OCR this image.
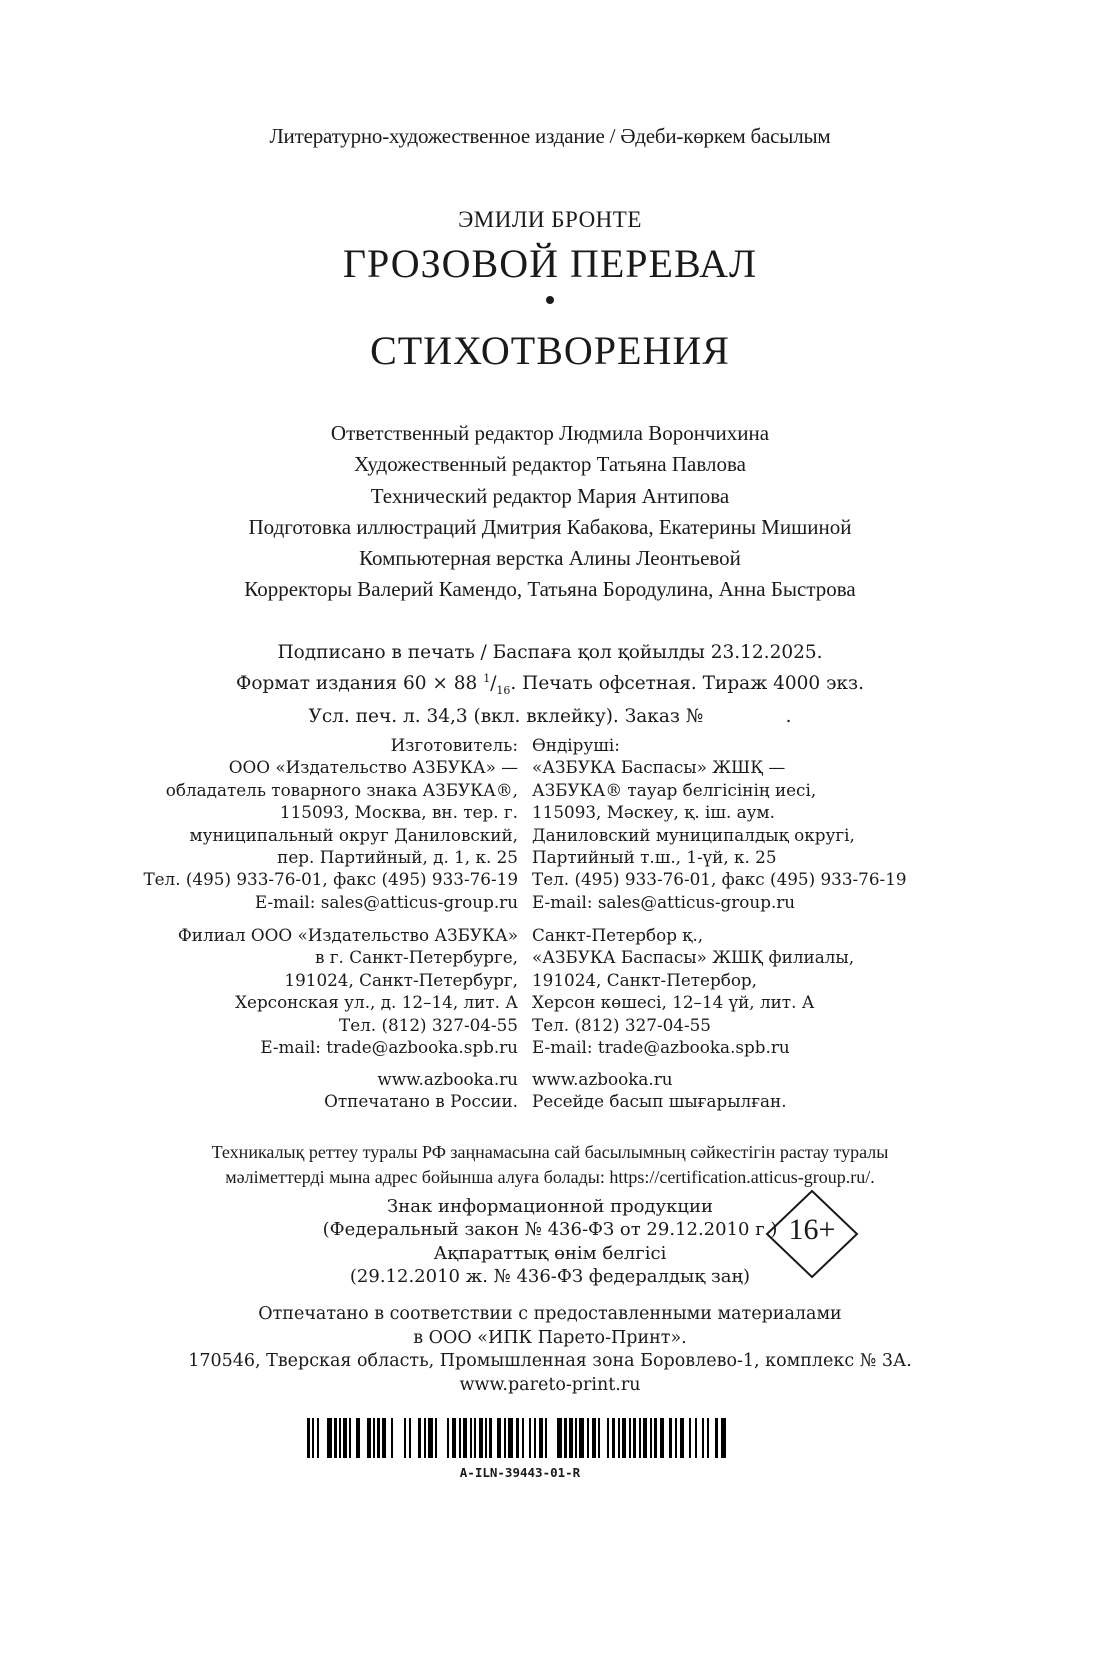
Литературно-художественное издание / Әдеби-көркем басылым
ЭМИЛИ БРОНТЕ
ГРОЗОВОЙ ПЕРЕВАЛ
СТИХОТВОРЕНИЯ
Ответственный редактор Людмила Ворончихина
Художественный редактор Татьяна Павлова
Технический редактор Мария Антипова
Подготовка иллюстраций Дмитрия Кабакова, Екатерины Мишиной
Компьютерная верстка Алины Леонтьевой
Корректоры Валерий Камендо, Татьяна Бородулина, Анна Быстрова
Подписано в печать / Баспаға қол қойылды 23.12.2025.
Формат издания 60 × 88 $^1/_{16}$. Печать офсетная. Тираж 4000 экз.
Усл. печ. л. 34,3 (вкл. вклейку). Заказ №              .
Изготовитель:
ООО «Издательство АЗБУКА» —
обладатель товарного знака АЗБУКА®,
115093, Москва, вн. тер. г.
муниципальный округ Даниловский,
пер. Партийный, д. 1, к. 25
Тел. (495) 933-76-01, факс (495) 933-76-19
E-mail: sales@atticus-group.ru
Өндіруші:
«АЗБУКА Баспасы» ЖШҚ —
АЗБУКА® тауар белгісінің иесі,
115093, Мәскеу, қ. іш. аум.
Даниловский муниципалдық округі,
Партийный т.ш., 1-үй, к. 25
Тел. (495) 933-76-01, факс (495) 933-76-19
E-mail: sales@atticus-group.ru
Филиал ООО «Издательство АЗБУКА»
в г. Санкт-Петербурге,
191024, Санкт-Петербург,
Херсонская ул., д. 12–14, лит. А
Тел. (812) 327-04-55
E-mail: trade@azbooka.spb.ru
Санкт-Петербор қ.,
«АЗБУКА Баспасы» ЖШҚ филиалы,
191024, Санкт-Петербор,
Херсон көшесі, 12–14 үй, лит. А
Тел. (812) 327-04-55
E-mail: trade@azbooka.spb.ru
www.azbooka.ru
Отпечатано в России.
www.azbooka.ru
Ресейде басып шығарылған.
Техникалық реттеу туралы РФ заңнамасына сай басылымның сәйкестігін растау туралы
мәліметтерді мына адрес бойынша алуға болады: https://certification.atticus-group.ru/.
Знак информационной продукции
(Федеральный закон № 436-ФЗ от 29.12.2010 г.)
Ақпараттық өнім белгісі
(29.12.2010 ж. № 436-ФЗ федералдық заң)
16+
Отпечатано в соответствии с предоставленными материалами
в ООО «ИПК Парето-Принт».
170546, Тверская область, Промышленная зона Боровлево-1, комплекс № 3А.
www.pareto-print.ru
A-ILN-39443-01-R
